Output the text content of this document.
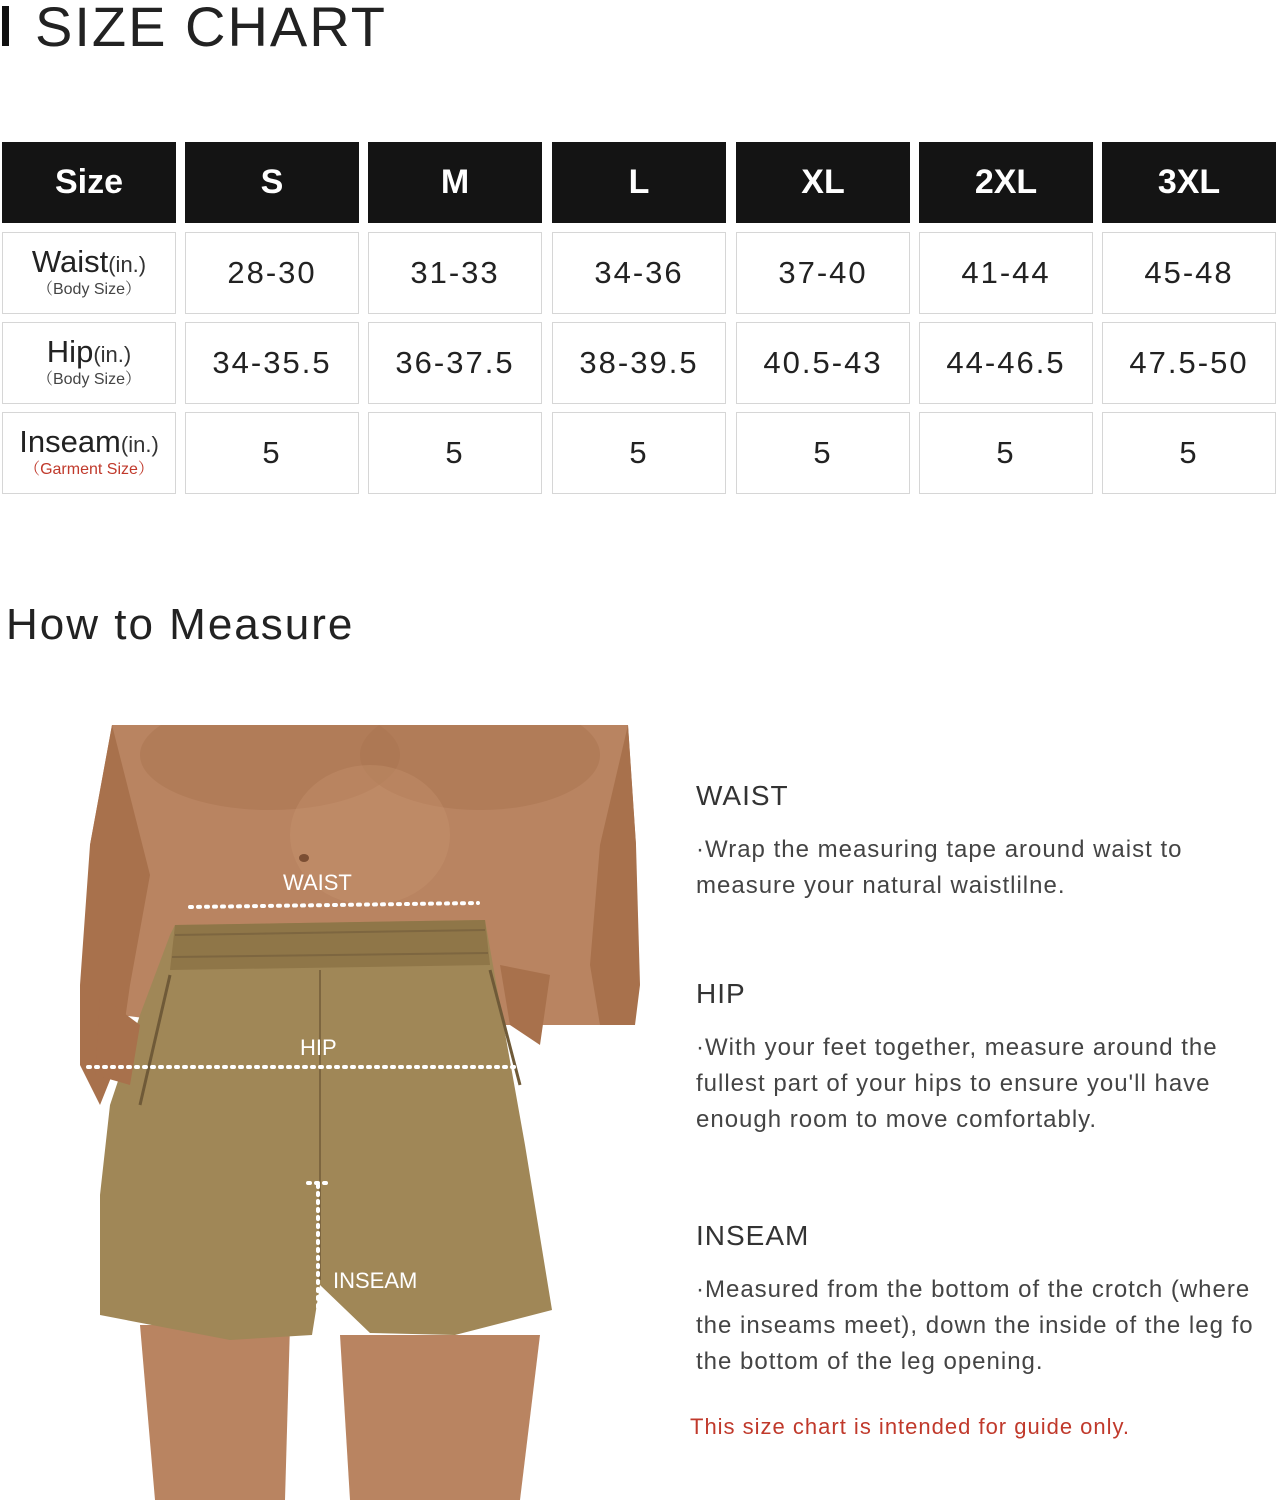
SIZE CHART
Size	S	M	L	XL	2XL	3XL
Waist(in.)
（Body Size）	28-30	31-33	34-36	37-40	41-44	45-48
Hip(in.)
（Body Size）	34-35.5	36-37.5	38-39.5	40.5-43	44-46.5	47.5-50
Inseam(in.)
（Garment Size）	5	5	5	5	5	5
How to Measure
WAIST
HIP
INSEAM
WAIST
·Wrap the measuring tape around waist to measure your natural waistlilne.
HIP
·With your feet together, measure around the fullest part of your hips to ensure you'll have enough room to move comfortably.
INSEAM
·Measured from the bottom of the crotch (where the inseams meet), down the inside of the leg fo the bottom of the leg opening.
This size chart is intended for guide only.
